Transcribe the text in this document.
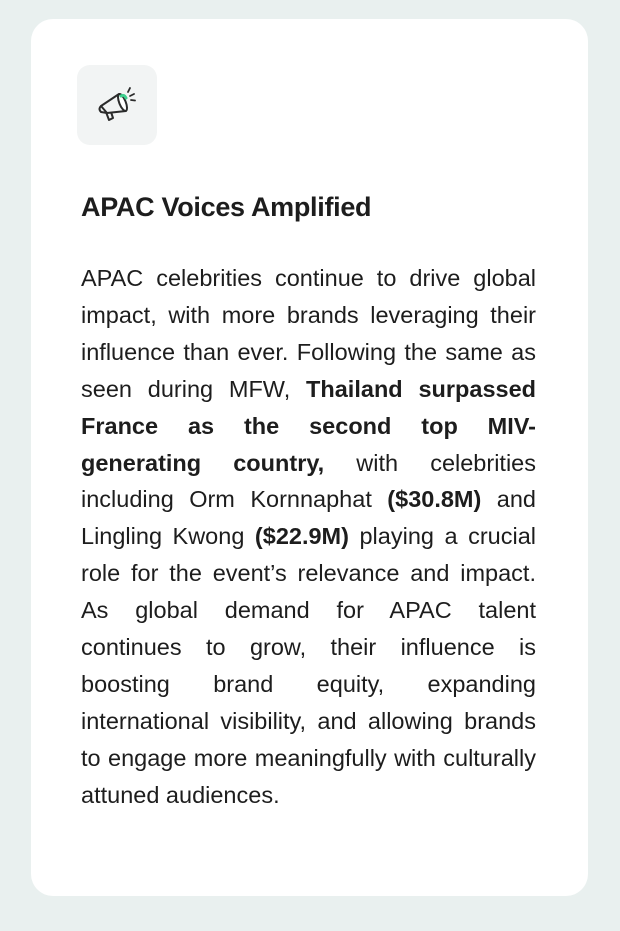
APAC Voices Amplified

APAC celebrities continue to drive global impact, with more brands leveraging their influence than ever. Following the same as seen during MFW, Thailand surpassed France as the second top MIV-generating country, with celebrities including Orm Kornnaphat ($30.8M) and Lingling Kwong ($22.9M) playing a crucial role for the event’s relevance and impact. As global demand for APAC talent continues to grow, their influence is boosting brand equity, expanding international visibility, and allowing brands to engage more meaningfully with culturally attuned audiences.
